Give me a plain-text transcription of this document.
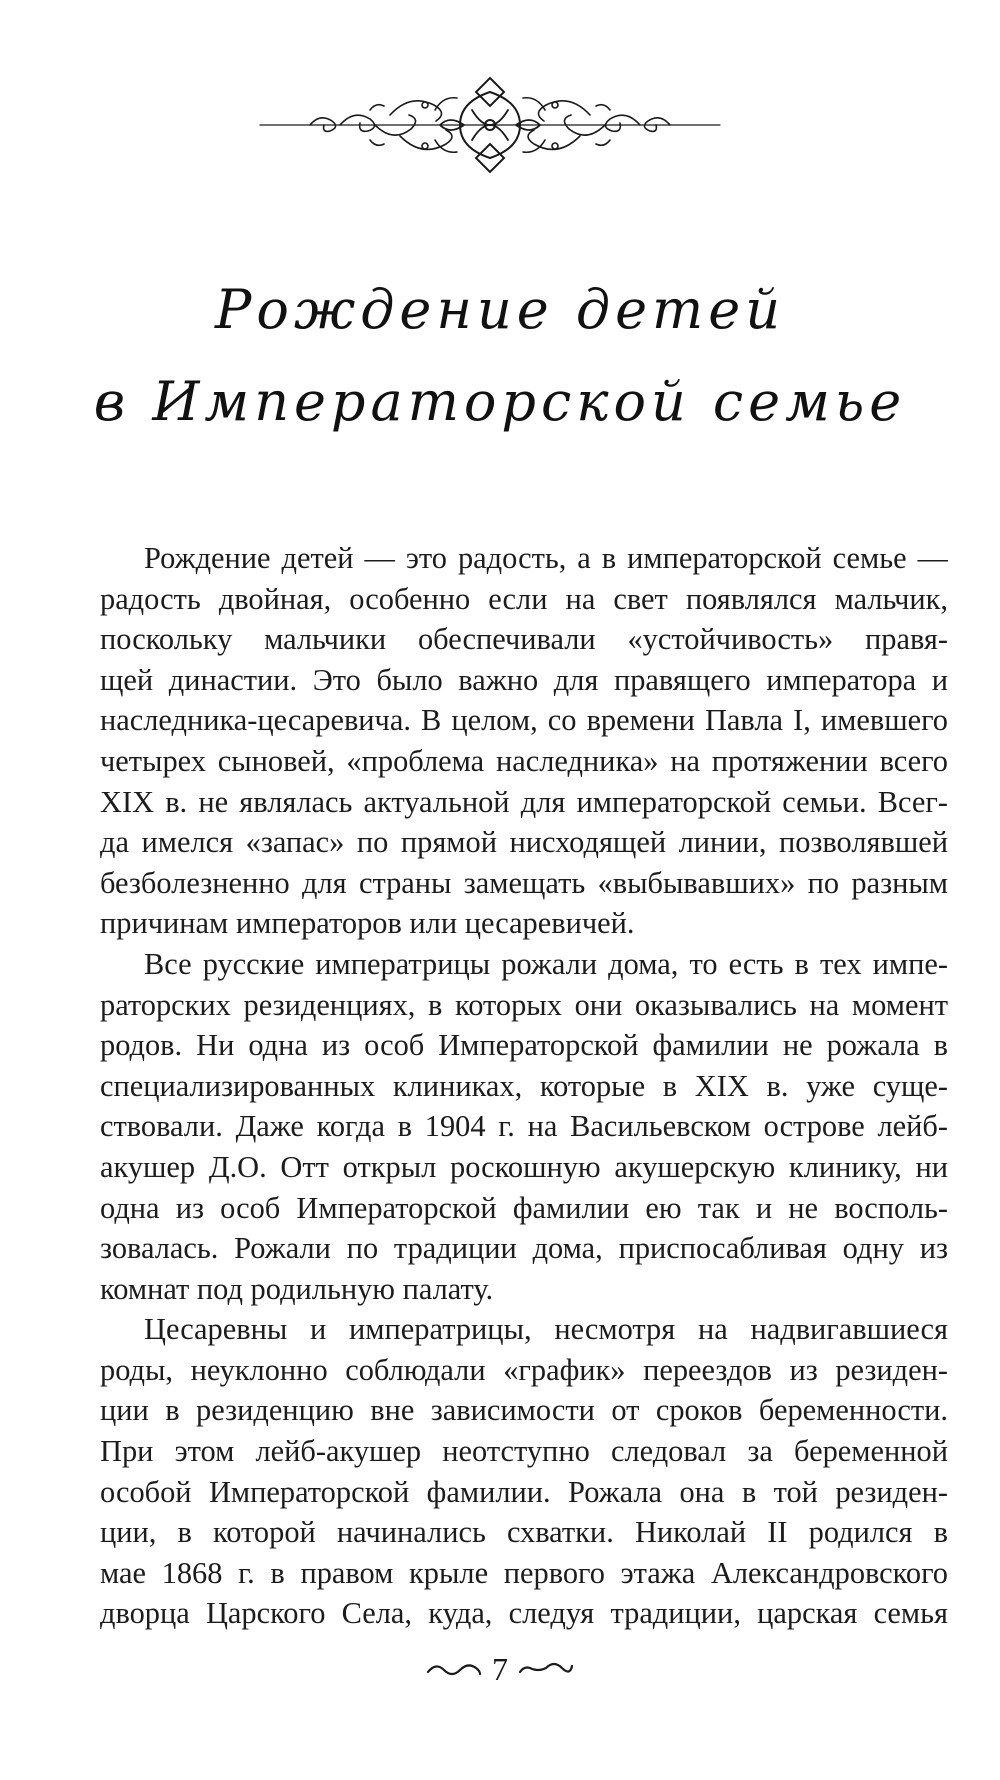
Рождение детей
в Императорской семье
Рождение детей — это радость, а в императорской семье —
радость двойная, особенно если на свет появлялся мальчик,
поскольку мальчики обеспечивали «устойчивость» правя-
щей династии. Это было важно для правящего императора и
наследника-цесаревича. В целом, со времени Павла I, имевшего
четырех сыновей, «проблема наследника» на протяжении всего
XIX в. не являлась актуальной для императорской семьи. Всег-
да имелся «запас» по прямой нисходящей линии, позволявшей
безболезненно для страны замещать «выбывавших» по разным
причинам императоров или цесаревичей.
Все русские императрицы рожали дома, то есть в тех импе-
раторских резиденциях, в которых они оказывались на момент
родов. Ни одна из особ Императорской фамилии не рожала в
специализированных клиниках, которые в XIX в. уже суще-
ствовали. Даже когда в 1904 г. на Васильевском острове лейб-
акушер Д.О. Отт открыл роскошную акушерскую клинику, ни
одна из особ Императорской фамилии ею так и не восполь-
зовалась. Рожали по традиции дома, приспосабливая одну из
комнат под родильную палату.
Цесаревны и императрицы, несмотря на надвигавшиеся
роды, неуклонно соблюдали «график» переездов из резиден-
ции в резиденцию вне зависимости от сроков беременности.
При этом лейб-акушер неотступно следовал за беременной
особой Императорской фамилии. Рожала она в той резиден-
ции, в которой начинались схватки. Николай II родился в
мае 1868 г. в правом крыле первого этажа Александровского
дворца Царского Села, куда, следуя традиции, царская семья
7
